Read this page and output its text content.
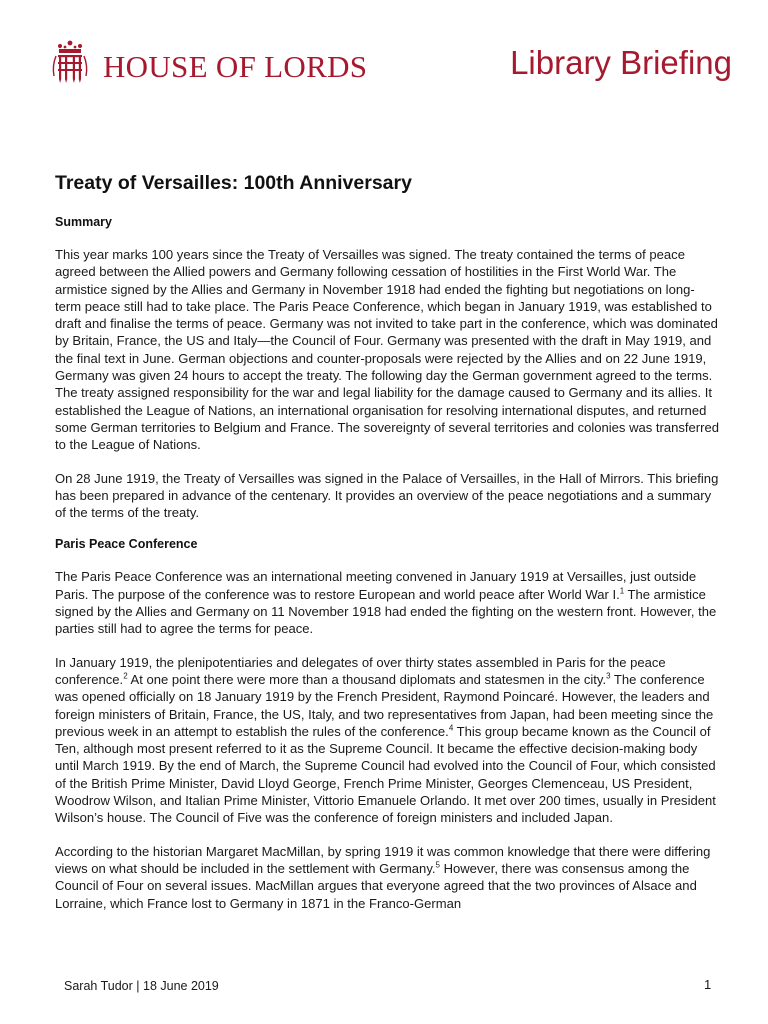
HOUSE OF LORDS	Library Briefing
Treaty of Versailles: 100th Anniversary
Summary

This year marks 100 years since the Treaty of Versailles was signed. The treaty contained the terms of peace agreed between the Allied powers and Germany following cessation of hostilities in the First World War. The armistice signed by the Allies and Germany in November 1918 had ended the fighting but negotiations on long-term peace still had to take place. The Paris Peace Conference, which began in January 1919, was established to draft and finalise the terms of peace. Germany was not invited to take part in the conference, which was dominated by Britain, France, the US and Italy—the Council of Four. Germany was presented with the draft in May 1919, and the final text in June. German objections and counter-proposals were rejected by the Allies and on 22 June 1919, Germany was given 24 hours to accept the treaty. The following day the German government agreed to the terms. The treaty assigned responsibility for the war and legal liability for the damage caused to Germany and its allies. It established the League of Nations, an international organisation for resolving international disputes, and returned some German territories to Belgium and France. The sovereignty of several territories and colonies was transferred to the League of Nations.

On 28 June 1919, the Treaty of Versailles was signed in the Palace of Versailles, in the Hall of Mirrors. This briefing has been prepared in advance of the centenary. It provides an overview of the peace negotiations and a summary of the terms of the treaty.

Paris Peace Conference

The Paris Peace Conference was an international meeting convened in January 1919 at Versailles, just outside Paris. The purpose of the conference was to restore European and world peace after World War I.$^1$ The armistice signed by the Allies and Germany on 11 November 1918 had ended the fighting on the western front. However, the parties still had to agree the terms for peace.

In January 1919, the plenipotentiaries and delegates of over thirty states assembled in Paris for the peace conference.$^2$ At one point there were more than a thousand diplomats and statesmen in the city.$^3$ The conference was opened officially on 18 January 1919 by the French President, Raymond Poincaré. However, the leaders and foreign ministers of Britain, France, the US, Italy, and two representatives from Japan, had been meeting since the previous week in an attempt to establish the rules of the conference.$^4$ This group became known as the Council of Ten, although most present referred to it as the Supreme Council. It became the effective decision-making body until March 1919. By the end of March, the Supreme Council had evolved into the Council of Four, which consisted of the British Prime Minister, David Lloyd George, French Prime Minister, Georges Clemenceau, US President, Woodrow Wilson, and Italian Prime Minister, Vittorio Emanuele Orlando. It met over 200 times, usually in President Wilson’s house. The Council of Five was the conference of foreign ministers and included Japan.

According to the historian Margaret MacMillan, by spring 1919 it was common knowledge that there were differing views on what should be included in the settlement with Germany.$^5$ However, there was consensus among the Council of Four on several issues. MacMillan argues that everyone agreed that the two provinces of Alsace and Lorraine, which France lost to Germany in 1871 in the Franco-German

Sarah Tudor | 18 June 2019	1
